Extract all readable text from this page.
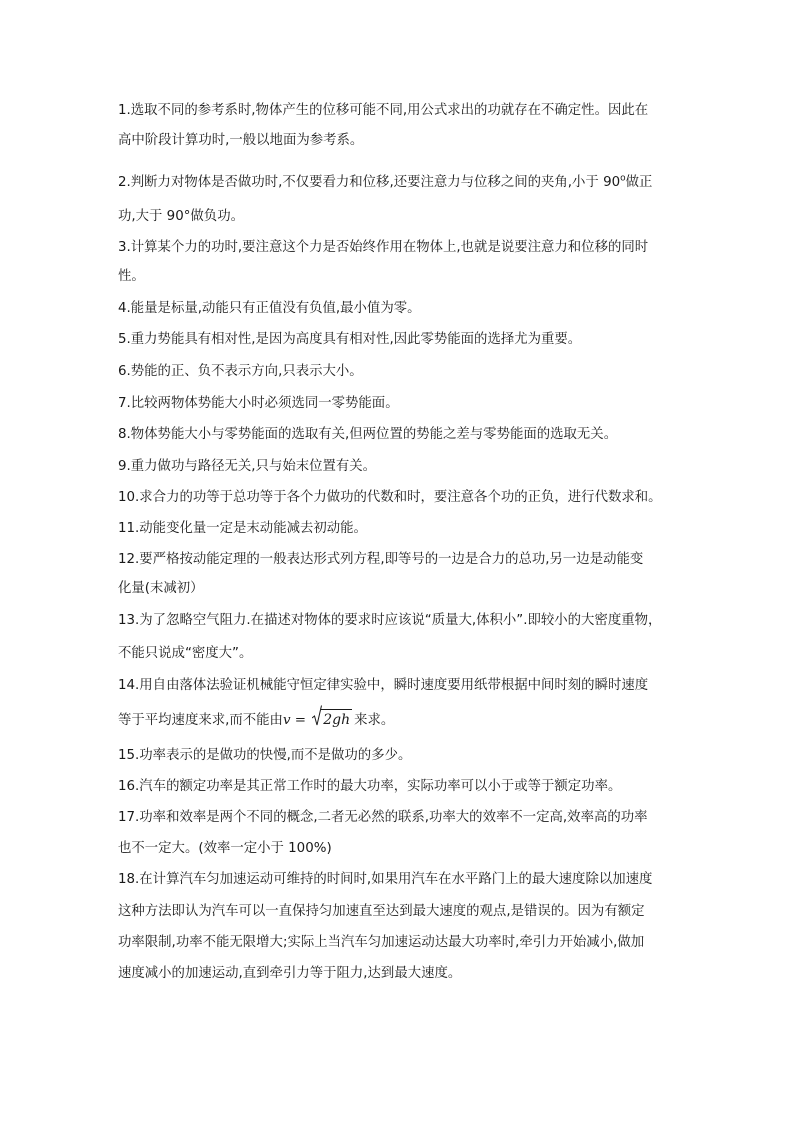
1.选取不同的参考系时,物体产生的位移可能不同,用公式求出的功就存在不确定性。因此在
高中阶段计算功时,一般以地面为参考系。
2.判断力对物体是否做功时,不仅要看力和位移,还要注意力与位移之间的夹角,小于 90$^o$做正
功,大于 90°做负功。
3.计算某个力的功时,要注意这个力是否始终作用在物体上,也就是说要注意力和位移的同时
性。
4.能量是标量,动能只有正值没有负值,最小值为零。
5.重力势能具有相对性,是因为高度具有相对性,因此零势能面的选择尤为重要。
6.势能的正、负不表示方向,只表示大小。
7.比较两物体势能大小时必须选同一零势能面。
8.物体势能大小与零势能面的选取有关,但两位置的势能之差与零势能面的选取无关。
9.重力做功与路径无关,只与始末位置有关。
10.求合力的功等于总功等于各个力做功的代数和时，要注意各个功的正负，进行代数求和。
11.动能变化量一定是末动能减去初动能。
12.要严格按动能定理的一般表达形式列方程,即等号的一边是合力的总功,另一边是动能变
化量(末减初）
13.为了忽略空气阻力.在描述对物体的要求时应该说“质量大,体积小”.即较小的大密度重物，
不能只说成“密度大”。
14.用自由落体法验证机械能守恒定律实验中，瞬时速度要用纸带根据中间时刻的瞬时速度
等于平均速度来求,而不能由v =
2gh 来求。
15.功率表示的是做功的快慢,而不是做功的多少。
16.汽车的额定功率是其正常工作时的最大功率，实际功率可以小于或等于额定功率。
17.功率和效率是两个不同的概念,二者无必然的联系,功率大的效率不一定高,效率高的功率
也不一定大。(效率一定小于 100%)
18.在计算汽车匀加速运动可维持的时间时,如果用汽车在水平路门上的最大速度除以加速度
这种方法即认为汽车可以一直保持匀加速直至达到最大速度的观点,是错误的。因为有额定
功率限制,功率不能无限增大;实际上当汽车匀加速运动达最大功率时,牵引力开始减小,做加
速度减小的加速运动,直到牵引力等于阻力,达到最大速度。
